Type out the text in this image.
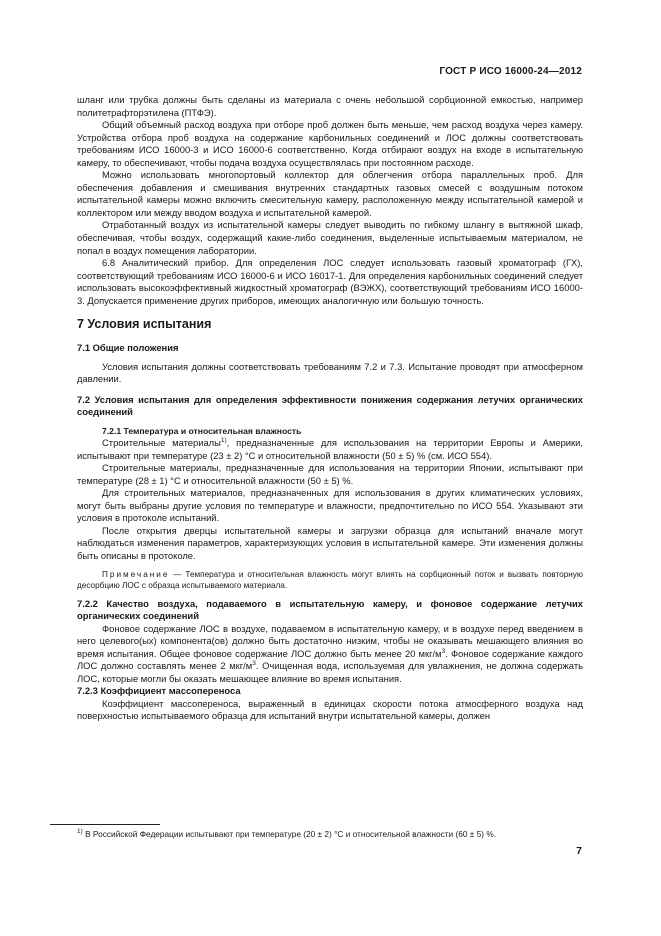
ГОСТ Р ИСО 16000-24—2012

шланг или трубка должны быть сделаны из материала с очень небольшой сорбционной емкостью, например политетрафторэтилена (ПТФЭ).

Общий объемный расход воздуха при отборе проб должен быть меньше, чем расход воздуха через камеру. Устройства отбора проб воздуха на содержание карбонильных соединений и ЛОС должны соответствовать требованиям ИСО 16000-3 и ИСО 16000-6 соответственно. Когда отбирают воздух на входе в испытательную камеру, то обеспечивают, чтобы подача воздуха осуществлялась при постоянном расходе.

Можно использовать многопортовый коллектор для облегчения отбора параллельных проб. Для обеспечения добавления и смешивания внутренних стандартных газовых смесей с воздушным потоком испытательной камеры можно включить смесительную камеру, расположенную между испытательной камерой и коллектором или между вводом воздуха и испытательной камерой.

Отработанный воздух из испытательной камеры следует выводить по гибкому шлангу в вытяжной шкаф, обеспечивая, чтобы воздух, содержащий какие-либо соединения, выделенные испытываемым материалом, не попал в воздух помещения лаборатории.

6.8 Аналитический прибор. Для определения ЛОС следует использовать газовый хроматограф (ГХ), соответствующий требованиям ИСО 16000-6 и ИСО 16017-1. Для определения карбонильных соединений следует использовать высокоэффективный жидкостный хроматограф (ВЭЖХ), соответствующий требованиям ИСО 16000-3. Допускается применение других приборов, имеющих аналогичную или большую точность.

7 Условия испытания

7.1 Общие положения

Условия испытания должны соответствовать требованиям 7.2 и 7.3. Испытание проводят при атмосферном давлении.

7.2 Условия испытания для определения эффективности понижения содержания летучих органических соединений

7.2.1 Температура и относительная влажность

Строительные материалы$^{1)}$, предназначенные для использования на территории Европы и Америки, испытывают при температуре (23 ± 2) °С и относительной влажности (50 ± 5) % (см. ИСО 554).

Строительные материалы, предназначенные для использования на территории Японии, испытывают при температуре (28 ± 1) °С и относительной влажности (50 ± 5) %.

Для строительных материалов, предназначенных для использования в других климатических условиях, могут быть выбраны другие условия по температуре и влажности, предпочтительно по ИСО 554. Указывают эти условия в протоколе испытаний.

После открытия дверцы испытательной камеры и загрузки образца для испытаний вначале могут наблюдаться изменения параметров, характеризующих условия в испытательной камере. Эти изменения должны быть описаны в протоколе.

Примечание — Температура и относительная влажность могут влиять на сорбционный поток и вызвать повторную десорбцию ЛОС с образца испытываемого материала.

7.2.2 Качество воздуха, подаваемого в испытательную камеру, и фоновое содержание летучих органических соединений

Фоновое содержание ЛОС в воздухе, подаваемом в испытательную камеру, и в воздухе перед введением в него целевого(ых) компонента(ов) должно быть достаточно низким, чтобы не оказывать мешающего влияния во время испытания. Общее фоновое содержание ЛОС должно быть менее 20 мкг/$м^3$. Фоновое содержание каждого ЛОС должно составлять менее 2 мкг/$м^3$. Очищенная вода, используемая для увлажнения, не должна содержать ЛОС, которые могли бы оказать мешающее влияние во время испытания.

7.2.3 Коэффициент массопереноса

Коэффициент массопереноса, выраженный в единицах скорости потока атмосферного воздуха над поверхностью испытываемого образца для испытаний внутри испытательной камеры, должен

$^{1)}$ В Российской Федерации испытывают при температуре (20 ± 2) °С и относительной влажности (60 ± 5) %.
7
